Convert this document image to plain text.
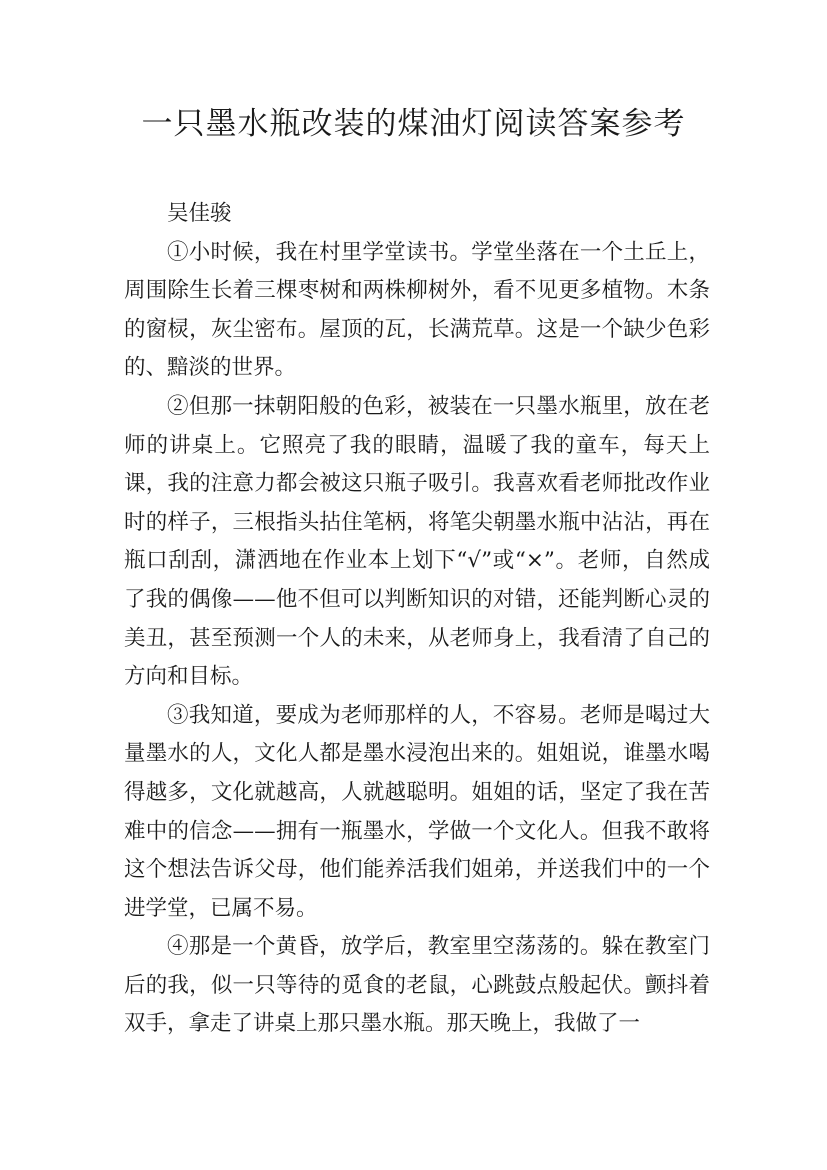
一只墨水瓶改装的煤油灯阅读答案参考

吴佳骏

①小时候，我在村里学堂读书。学堂坐落在一个土丘上，周围除生长着三棵枣树和两株柳树外，看不见更多植物。木条的窗棂，灰尘密布。屋顶的瓦，长满荒草。这是一个缺少色彩的、黯淡的世界。

②但那一抹朝阳般的色彩，被装在一只墨水瓶里，放在老师的讲桌上。它照亮了我的眼睛，温暖了我的童车，每天上课，我的注意力都会被这只瓶子吸引。我喜欢看老师批改作业时的样子，三根指头拈住笔柄，将笔尖朝墨水瓶中沾沾，再在瓶口刮刮，潇洒地在作业本上划下“√”或“×”。老师，自然成了我的偶像——他不但可以判断知识的对错，还能判断心灵的美丑，甚至预测一个人的未来，从老师身上，我看清了自己的方向和目标。

③我知道，要成为老师那样的人，不容易。老师是喝过大量墨水的人，文化人都是墨水浸泡出来的。姐姐说，谁墨水喝得越多，文化就越高，人就越聪明。姐姐的话，坚定了我在苦难中的信念——拥有一瓶墨水，学做一个文化人。但我不敢将这个想法告诉父母，他们能养活我们姐弟，并送我们中的一个进学堂，已属不易。

④那是一个黄昏，放学后，教室里空荡荡的。躲在教室门后的我，似一只等待的觅食的老鼠，心跳鼓点般起伏。颤抖着双手，拿走了讲桌上那只墨水瓶。那天晚上，我做了一
